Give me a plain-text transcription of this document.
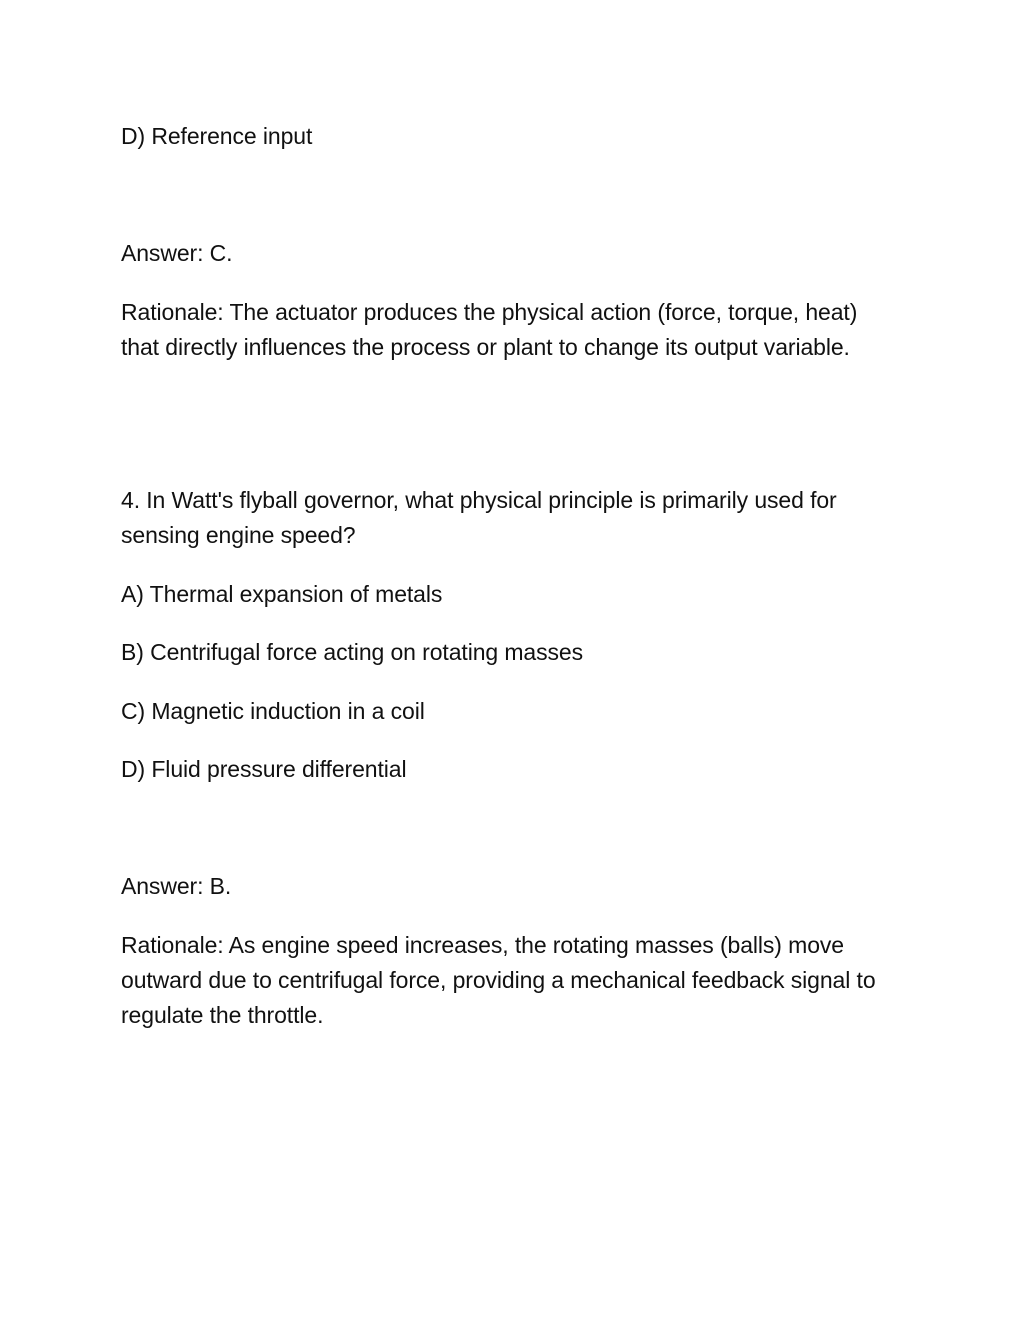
D) Reference input
Answer: C.
Rationale: The actuator produces the physical action (force, torque, heat) that directly influences the process or plant to change its output variable.
4. In Watt's flyball governor, what physical principle is primarily used for sensing engine speed?
A) Thermal expansion of metals
B) Centrifugal force acting on rotating masses
C) Magnetic induction in a coil
D) Fluid pressure differential
Answer: B.
Rationale: As engine speed increases, the rotating masses (balls) move outward due to centrifugal force, providing a mechanical feedback signal to regulate the throttle.
